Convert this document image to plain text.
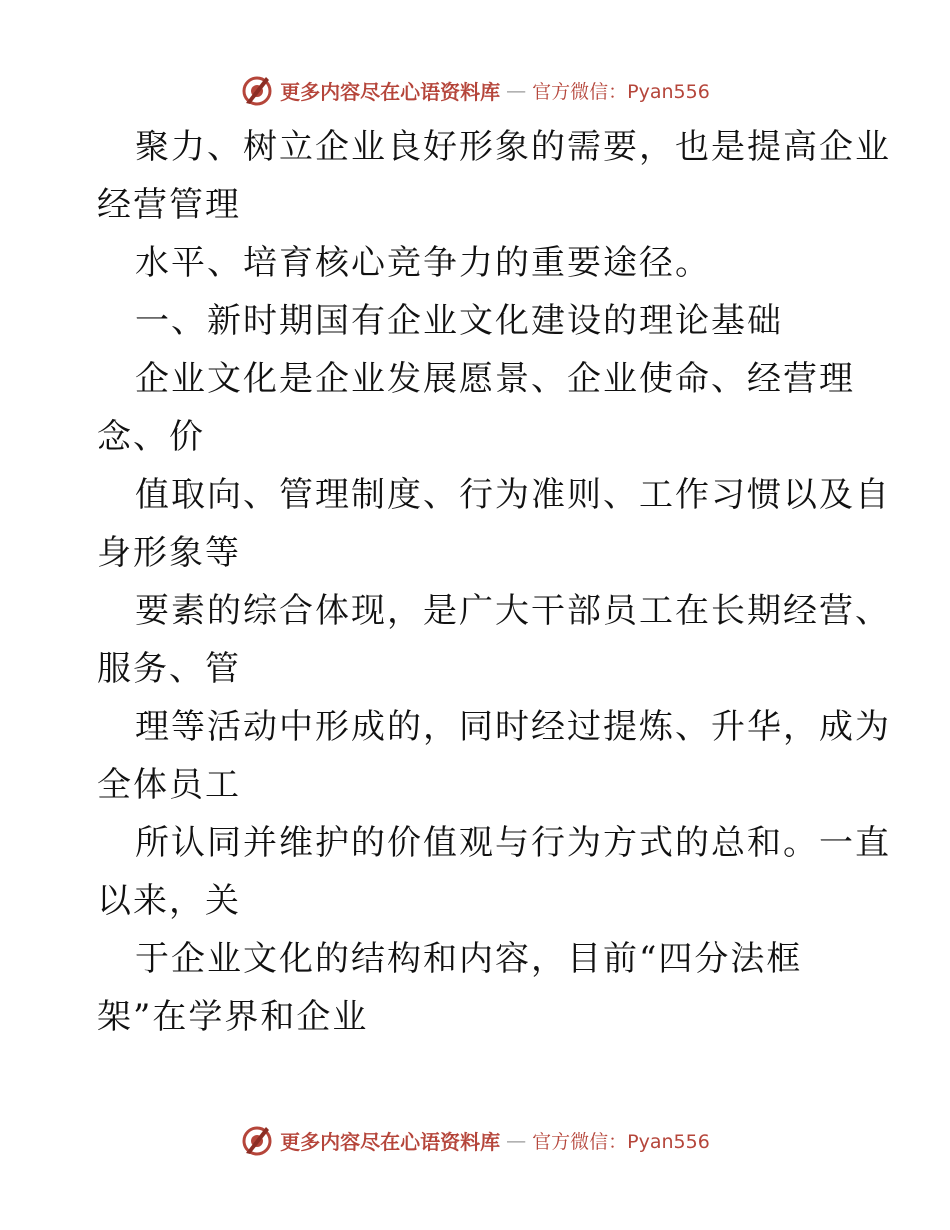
更多内容尽在心语资料库 — 官方微信：Pyan556
聚力、树立企业良好形象的需要，也是提高企业
经营管理
水平、培育核心竞争力的重要途径。
一、新时期国有企业文化建设的理论基础
企业文化是企业发展愿景、企业使命、经营理
念、价
值取向、管理制度、行为准则、工作习惯以及自
身形象等
要素的综合体现，是广大干部员工在长期经营、
服务、管
理等活动中形成的，同时经过提炼、升华，成为
全体员工
所认同并维护的价值观与行为方式的总和。一直
以来，关
于企业文化的结构和内容，目前“四分法框
架”在学界和企业
更多内容尽在心语资料库 — 官方微信：Pyan556
